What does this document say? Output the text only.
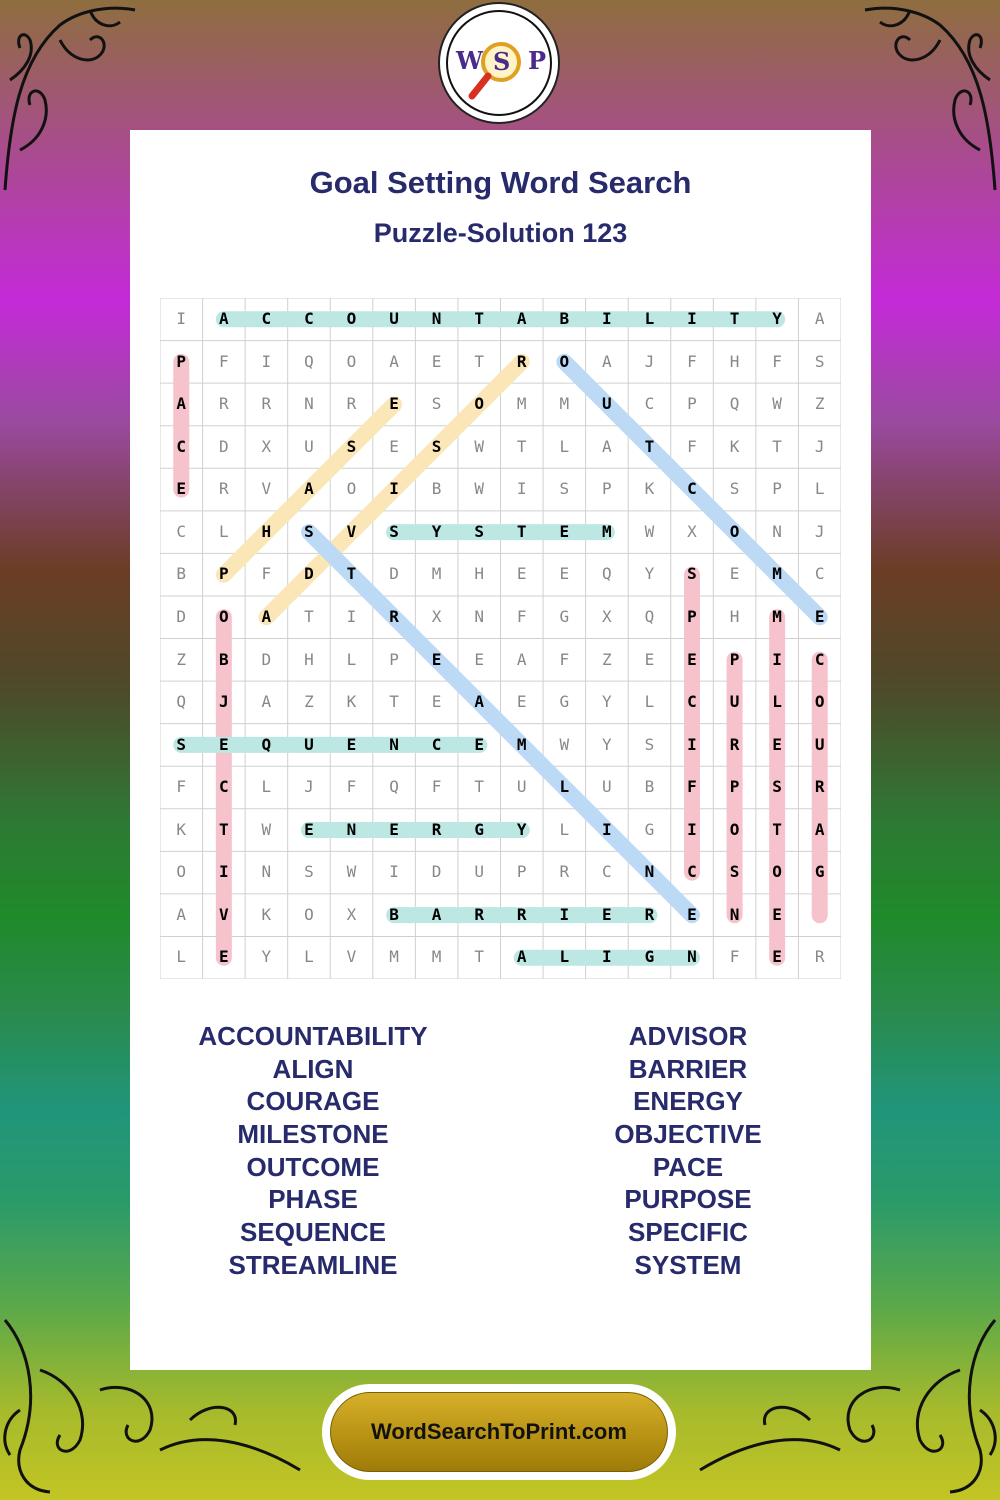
W S P
Goal Setting Word Search
Puzzle-Solution 123
I	A	C	C	O	U	N	T	A	B	I	L	I	T	Y	A
P	F	I	Q	O	A	E	T	R	O	A	J	F	H	F	S
A	R	R	N	R	E	S	O	M	M	U	C	P	Q	W	Z
C	D	X	U	S	E	S	W	T	L	A	T	F	K	T	J
E	R	V	A	O	I	B	W	I	S	P	K	C	S	P	L
C	L	H	S	V	S	Y	S	T	E	M	W	X	O	N	J
B	P	F	D	T	D	M	H	E	E	Q	Y	S	E	M	C
D	O	A	T	I	R	X	N	F	G	X	Q	P	H	M	E
Z	B	D	H	L	P	E	E	A	F	Z	E	E	P	I	C
Q	J	A	Z	K	T	E	A	E	G	Y	L	C	U	L	O
S	E	Q	U	E	N	C	E	M	W	Y	S	I	R	E	U
F	C	L	J	F	Q	F	T	U	L	U	B	F	P	S	R
K	T	W	E	N	E	R	G	Y	L	I	G	I	O	T	A
O	I	N	S	W	I	D	U	P	R	C	N	C	S	O	G
A	V	K	O	X	B	A	R	R	I	E	R	E	N	E
L	E	Y	L	V	M	M	T	A	L	I	G	N	F	E	R
ACCOUNTABILITY
ALIGN
COURAGE
MILESTONE
OUTCOME
PHASE
SEQUENCE
STREAMLINE
ADVISOR
BARRIER
ENERGY
OBJECTIVE
PACE
PURPOSE
SPECIFIC
SYSTEM
WordSearchToPrint.com
